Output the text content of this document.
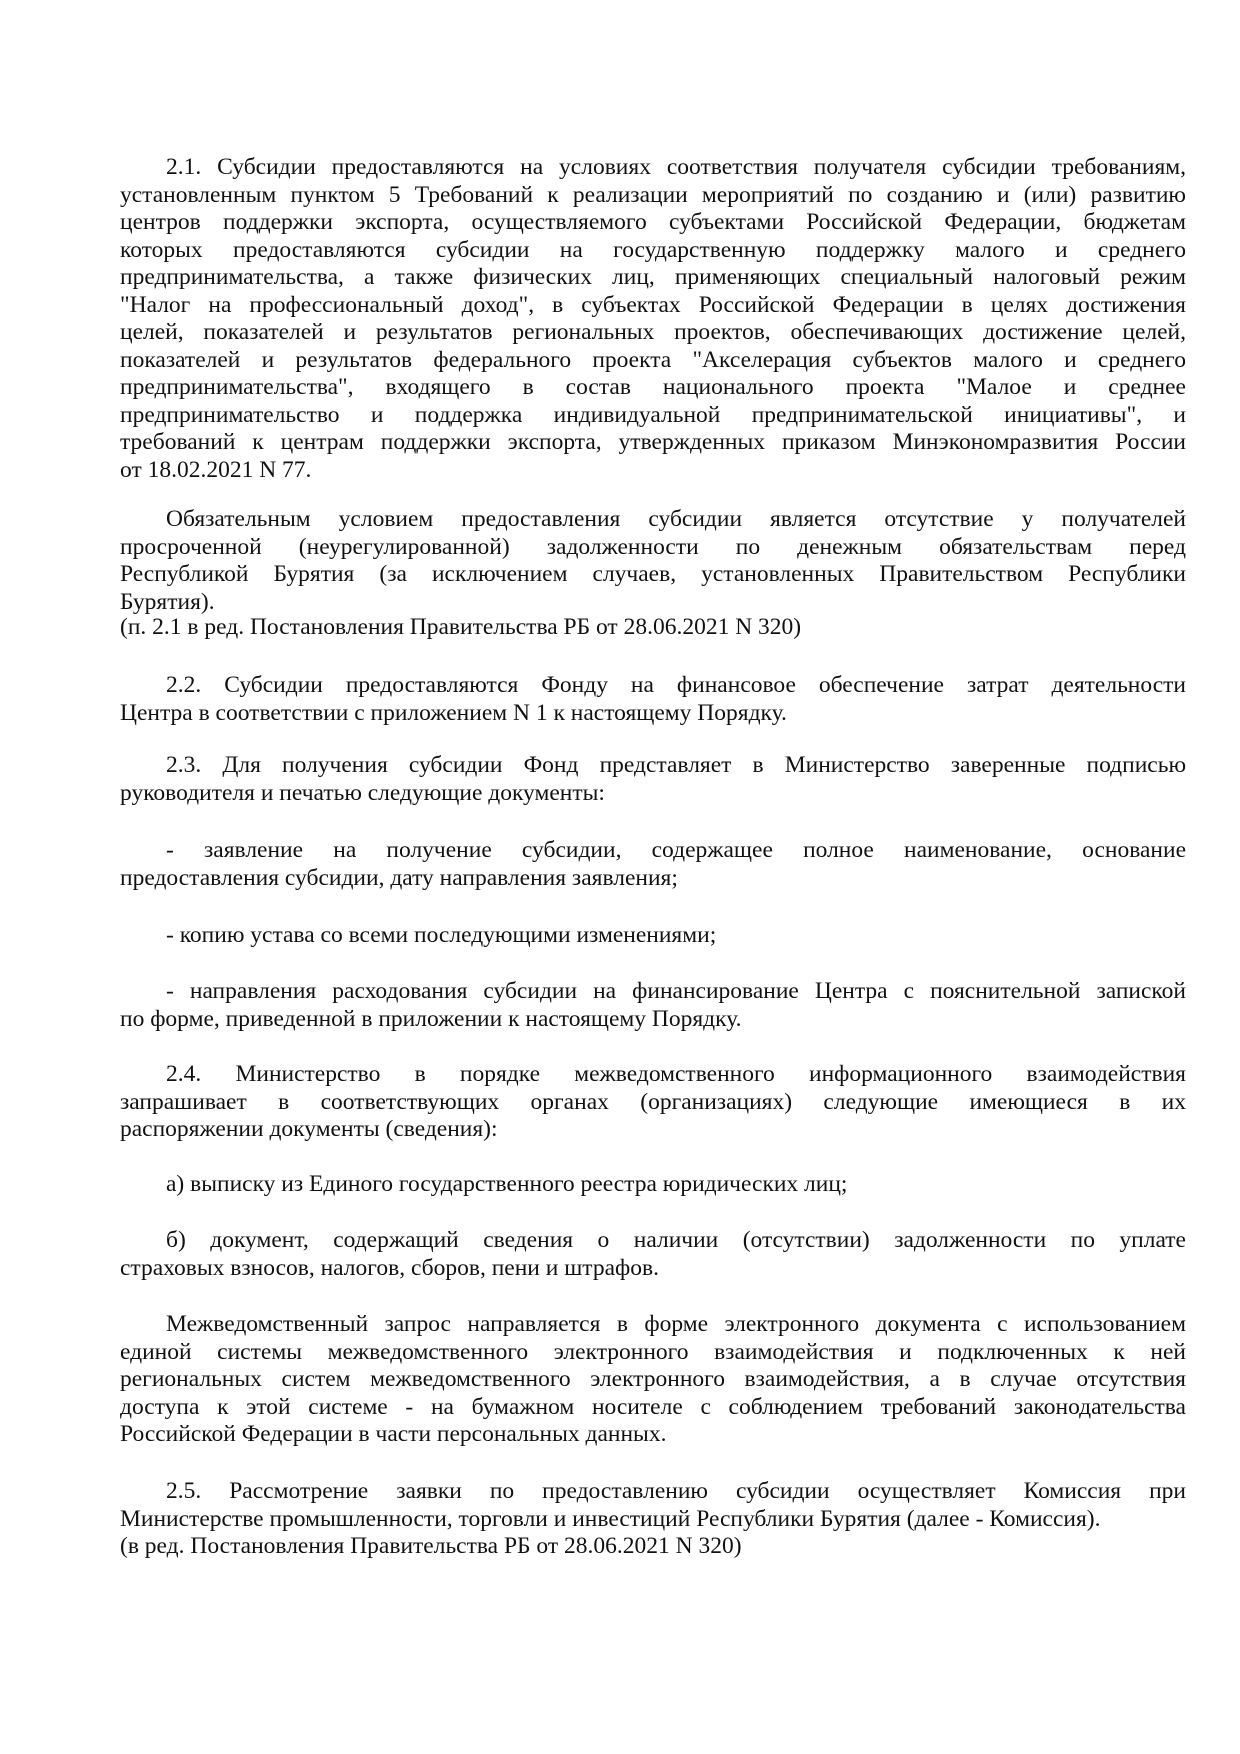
2.1. Субсидии предоставляются на условиях соответствия получателя субсидии требованиям,
установленным пунктом 5 Требований к реализации мероприятий по созданию и (или) развитию
центров поддержки экспорта, осуществляемого субъектами Российской Федерации, бюджетам
которых предоставляются субсидии на государственную поддержку малого и среднего
предпринимательства, а также физических лиц, применяющих специальный налоговый режим
"Налог на профессиональный доход", в субъектах Российской Федерации в целях достижения
целей, показателей и результатов региональных проектов, обеспечивающих достижение целей,
показателей и результатов федерального проекта "Акселерация субъектов малого и среднего
предпринимательства", входящего в состав национального проекта "Малое и среднее
предпринимательство и поддержка индивидуальной предпринимательской инициативы", и
требований к центрам поддержки экспорта, утвержденных приказом Минэкономразвития России
от 18.02.2021 N 77.
Обязательным условием предоставления субсидии является отсутствие у получателей
просроченной (неурегулированной) задолженности по денежным обязательствам перед
Республикой Бурятия (за исключением случаев, установленных Правительством Республики
Бурятия).
(п. 2.1 в ред. Постановления Правительства РБ от 28.06.2021 N 320)
2.2. Субсидии предоставляются Фонду на финансовое обеспечение затрат деятельности
Центра в соответствии с приложением N 1 к настоящему Порядку.
2.3. Для получения субсидии Фонд представляет в Министерство заверенные подписью
руководителя и печатью следующие документы:
- заявление на получение субсидии, содержащее полное наименование, основание
предоставления субсидии, дату направления заявления;
- копию устава со всеми последующими изменениями;
- направления расходования субсидии на финансирование Центра с пояснительной запиской
по форме, приведенной в приложении к настоящему Порядку.
2.4. Министерство в порядке межведомственного информационного взаимодействия
запрашивает в соответствующих органах (организациях) следующие имеющиеся в их
распоряжении документы (сведения):
а) выписку из Единого государственного реестра юридических лиц;
б) документ, содержащий сведения о наличии (отсутствии) задолженности по уплате
страховых взносов, налогов, сборов, пени и штрафов.
Межведомственный запрос направляется в форме электронного документа с использованием
единой системы межведомственного электронного взаимодействия и подключенных к ней
региональных систем межведомственного электронного взаимодействия, а в случае отсутствия
доступа к этой системе - на бумажном носителе с соблюдением требований законодательства
Российской Федерации в части персональных данных.
2.5. Рассмотрение заявки по предоставлению субсидии осуществляет Комиссия при
Министерстве промышленности, торговли и инвестиций Республики Бурятия (далее - Комиссия).
(в ред. Постановления Правительства РБ от 28.06.2021 N 320)
